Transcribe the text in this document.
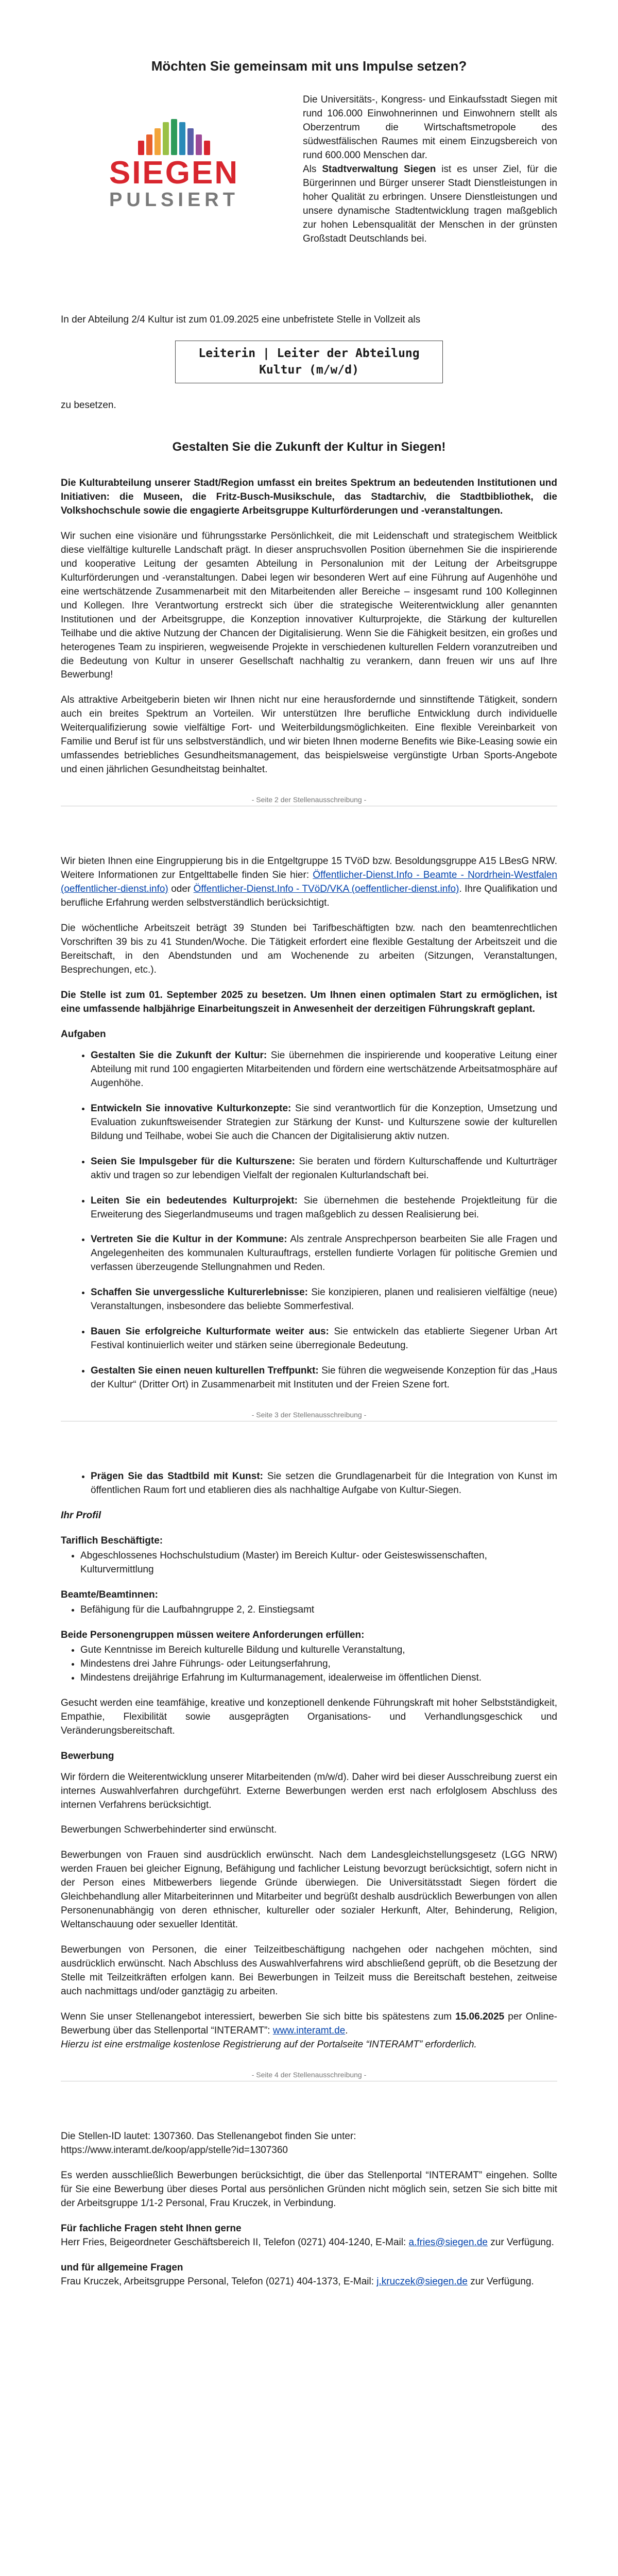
Möchten Sie gemeinsam mit uns Impulse setzen?
SIEGEN
PULSIERT

Die Universitäts-, Kongress- und Einkaufsstadt Siegen mit rund 106.000 Einwohnerinnen und Einwohnern stellt als Oberzentrum die Wirtschaftsmetropole des südwestfälischen Raumes mit einem Einzugsbereich von rund 600.000 Menschen dar.

Als Stadtverwaltung Siegen ist es unser Ziel, für die Bürgerinnen und Bürger unserer Stadt Dienstleistungen in hoher Qualität zu erbringen. Unsere Dienstleistungen und unsere dynamische Stadtentwicklung tragen maßgeblich zur hohen Lebensqualität der Menschen in der grünsten Großstadt Deutschlands bei.

In der Abteilung 2/4 Kultur ist zum 01.09.2025 eine unbefristete Stelle in Vollzeit als

Leiterin | Leiter der Abteilung Kultur (m/w/d)

zu besetzen.

Gestalten Sie die Zukunft der Kultur in Siegen!

Die Kulturabteilung unserer Stadt/Region umfasst ein breites Spektrum an bedeutenden Institutionen und Initiativen: die Museen, die Fritz-Busch-Musikschule, das Stadtarchiv, die Stadtbibliothek, die Volkshochschule sowie die engagierte Arbeitsgruppe Kulturförderungen und -veranstaltungen.

Wir suchen eine visionäre und führungsstarke Persönlichkeit, die mit Leidenschaft und strategischem Weitblick diese vielfältige kulturelle Landschaft prägt. In dieser anspruchsvollen Position übernehmen Sie die inspirierende und kooperative Leitung der gesamten Abteilung in Personalunion mit der Leitung der Arbeitsgruppe Kulturförderungen und -veranstaltungen. Dabei legen wir besonderen Wert auf eine Führung auf Augenhöhe und eine wertschätzende Zusammenarbeit mit den Mitarbeitenden aller Bereiche – insgesamt rund 100 Kolleginnen und Kollegen. Ihre Verantwortung erstreckt sich über die strategische Weiterentwicklung aller genannten Institutionen und der Arbeitsgruppe, die Konzeption innovativer Kulturprojekte, die Stärkung der kulturellen Teilhabe und die aktive Nutzung der Chancen der Digitalisierung. Wenn Sie die Fähigkeit besitzen, ein großes und heterogenes Team zu inspirieren, wegweisende Projekte in verschiedenen kulturellen Feldern voranzutreiben und die Bedeutung von Kultur in unserer Gesellschaft nachhaltig zu verankern, dann freuen wir uns auf Ihre Bewerbung!

Als attraktive Arbeitgeberin bieten wir Ihnen nicht nur eine herausfordernde und sinnstiftende Tätigkeit, sondern auch ein breites Spektrum an Vorteilen. Wir unterstützen Ihre berufliche Entwicklung durch individuelle Weiterqualifizierung sowie vielfältige Fort- und Weiterbildungsmöglichkeiten. Eine flexible Vereinbarkeit von Familie und Beruf ist für uns selbstverständlich, und wir bieten Ihnen moderne Benefits wie Bike-Leasing sowie ein umfassendes betriebliches Gesundheitsmanagement, das beispielsweise vergünstigte Urban Sports-Angebote und einen jährlichen Gesundheitstag beinhaltet.

- Seite 2 der Stellenausschreibung -

Wir bieten Ihnen eine Eingruppierung bis in die Entgeltgruppe 15 TVöD bzw. Besoldungsgruppe A15 LBesG NRW. Weitere Informationen zur Entgelttabelle finden Sie hier: Öffentlicher-Dienst.Info - Beamte - Nordrhein-Westfalen (oeffentlicher-dienst.info) oder Öffentlicher-Dienst.Info - TVöD/VKA (oeffentlicher-dienst.info). Ihre Qualifikation und berufliche Erfahrung werden selbstverständlich berücksichtigt.

Die wöchentliche Arbeitszeit beträgt 39 Stunden bei Tarifbeschäftigten bzw. nach den beamtenrechtlichen Vorschriften 39 bis zu 41 Stunden/Woche. Die Tätigkeit erfordert eine flexible Gestaltung der Arbeitszeit und die Bereitschaft, in den Abendstunden und am Wochenende zu arbeiten (Sitzungen, Veranstaltungen, Besprechungen, etc.).

Die Stelle ist zum 01. September 2025 zu besetzen. Um Ihnen einen optimalen Start zu ermöglichen, ist eine umfassende halbjährige Einarbeitungszeit in Anwesenheit der derzeitigen Führungskraft geplant.

Aufgaben
• Gestalten Sie die Zukunft der Kultur: Sie übernehmen die inspirierende und kooperative Leitung einer Abteilung mit rund 100 engagierten Mitarbeitenden und fördern eine wertschätzende Arbeitsatmosphäre auf Augenhöhe.
• Entwickeln Sie innovative Kulturkonzepte: Sie sind verantwortlich für die Konzeption, Umsetzung und Evaluation zukunftsweisender Strategien zur Stärkung der Kunst- und Kulturszene sowie der kulturellen Bildung und Teilhabe, wobei Sie auch die Chancen der Digitalisierung aktiv nutzen.
• Seien Sie Impulsgeber für die Kulturszene: Sie beraten und fördern Kulturschaffende und Kulturträger aktiv und tragen so zur lebendigen Vielfalt der regionalen Kulturlandschaft bei.
• Leiten Sie ein bedeutendes Kulturprojekt: Sie übernehmen die bestehende Projektleitung für die Erweiterung des Siegerlandmuseums und tragen maßgeblich zu dessen Realisierung bei.
• Vertreten Sie die Kultur in der Kommune: Als zentrale Ansprechperson bearbeiten Sie alle Fragen und Angelegenheiten des kommunalen Kulturauftrags, erstellen fundierte Vorlagen für politische Gremien und verfassen überzeugende Stellungnahmen und Reden.
• Schaffen Sie unvergessliche Kulturerlebnisse: Sie konzipieren, planen und realisieren vielfältige (neue) Veranstaltungen, insbesondere das beliebte Sommerfestival.
• Bauen Sie erfolgreiche Kulturformate weiter aus: Sie entwickeln das etablierte Siegener Urban Art Festival kontinuierlich weiter und stärken seine überregionale Bedeutung.
• Gestalten Sie einen neuen kulturellen Treffpunkt: Sie führen die wegweisende Konzeption für das „Haus der Kultur“ (Dritter Ort) in Zusammenarbeit mit Instituten und der Freien Szene fort.
- Seite 3 der Stellenausschreibung -
• Prägen Sie das Stadtbild mit Kunst: Sie setzen die Grundlagenarbeit für die Integration von Kunst im öffentlichen Raum fort und etablieren dies als nachhaltige Aufgabe von Kultur-Siegen.
Ihr Profil
Tariflich Beschäftigte:
• Abgeschlossenes Hochschulstudium (Master) im Bereich Kultur- oder Geisteswissenschaften, Kulturvermittlung
Beamte/Beamtinnen:
• Befähigung für die Laufbahngruppe 2, 2. Einstiegsamt
Beide Personengruppen müssen weitere Anforderungen erfüllen:
• Gute Kenntnisse im Bereich kulturelle Bildung und kulturelle Veranstaltung,
• Mindestens drei Jahre Führungs- oder Leitungserfahrung,
• Mindestens dreijährige Erfahrung im Kulturmanagement, idealerweise im öffentlichen Dienst.

Gesucht werden eine teamfähige, kreative und konzeptionell denkende Führungskraft mit hoher Selbstständigkeit, Empathie, Flexibilität sowie ausgeprägten Organisations- und Verhandlungsgeschick und Veränderungsbereitschaft.

Bewerbung

Wir fördern die Weiterentwicklung unserer Mitarbeitenden (m/w/d). Daher wird bei dieser Ausschreibung zuerst ein internes Auswahlverfahren durchgeführt. Externe Bewerbungen werden erst nach erfolglosem Abschluss des internen Verfahrens berücksichtigt.

Bewerbungen Schwerbehinderter sind erwünscht.

Bewerbungen von Frauen sind ausdrücklich erwünscht. Nach dem Landesgleichstellungsgesetz (LGG NRW) werden Frauen bei gleicher Eignung, Befähigung und fachlicher Leistung bevorzugt berücksichtigt, sofern nicht in der Person eines Mitbewerbers liegende Gründe überwiegen. Die Universitätsstadt Siegen fördert die Gleichbehandlung aller Mitarbeiterinnen und Mitarbeiter und begrüßt deshalb ausdrücklich Bewerbungen von allen Personenunabhängig von deren ethnischer, kultureller oder sozialer Herkunft, Alter, Behinderung, Religion, Weltanschauung oder sexueller Identität.

Bewerbungen von Personen, die einer Teilzeitbeschäftigung nachgehen oder nachgehen möchten, sind ausdrücklich erwünscht. Nach Abschluss des Auswahlverfahrens wird abschließend geprüft, ob die Besetzung der Stelle mit Teilzeitkräften erfolgen kann. Bei Bewerbungen in Teilzeit muss die Bereitschaft bestehen, zeitweise auch nachmittags und/oder ganztägig zu arbeiten.

Wenn Sie unser Stellenangebot interessiert, bewerben Sie sich bitte bis spätestens zum 15.06.2025 per Online-Bewerbung über das Stellenportal “INTERAMT”: www.interamt.de.
Hierzu ist eine erstmalige kostenlose Registrierung auf der Portalseite “INTERAMT” erforderlich.

- Seite 4 der Stellenausschreibung -

Die Stellen-ID lautet: 1307360. Das Stellenangebot finden Sie unter:
https://www.interamt.de/koop/app/stelle?id=1307360

Es werden ausschließlich Bewerbungen berücksichtigt, die über das Stellenportal “INTERAMT” eingehen. Sollte für Sie eine Bewerbung über dieses Portal aus persönlichen Gründen nicht möglich sein, setzen Sie sich bitte mit der Arbeitsgruppe 1/1-2 Personal, Frau Kruczek, in Verbindung.

Für fachliche Fragen steht Ihnen gerne
Herr Fries, Beigeordneter Geschäftsbereich II, Telefon (0271) 404-1240, E-Mail: a.fries@siegen.de zur Verfügung.

und für allgemeine Fragen
Frau Kruczek, Arbeitsgruppe Personal, Telefon (0271) 404-1373, E-Mail: j.kruczek@siegen.de zur Verfügung.
